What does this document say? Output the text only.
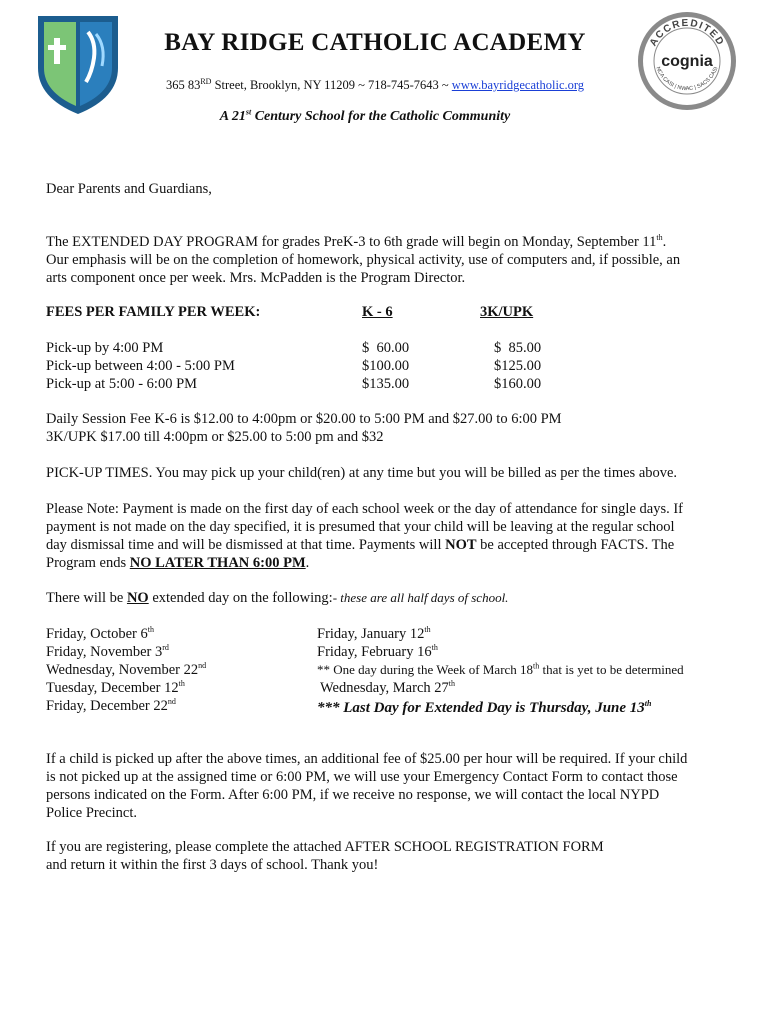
ACCREDITED
cognia
NCA CASI | NWAC | SACS CASI
BAY RIDGE CATHOLIC ACADEMY
365 83RD Street, Brooklyn, NY 11209 ~ 718-745-7643 ~ www.bayridgecatholic.org
A 21st Century School for the Catholic Community
Dear Parents and Guardians,
The EXTENDED DAY PROGRAM for grades PreK-3 to 6th grade will begin on Monday, September 11th.
Our emphasis will be on the completion of homework, physical activity, use of computers and, if possible, an
arts component once per week. Mrs. McPadden is the Program Director.
FEES PER FAMILY PER WEEK:	K - 6	3K/UPK
Pick-up by 4:00 PM	$  60.00	$  85.00
Pick-up between 4:00 - 5:00 PM	$100.00	$125.00
Pick-up at 5:00 - 6:00 PM	$135.00	$160.00
Daily Session Fee K-6 is $12.00 to 4:00pm or $20.00 to 5:00 PM and $27.00 to 6:00 PM
3K/UPK $17.00 till 4:00pm or $25.00 to 5:00 pm and $32
PICK-UP TIMES. You may pick up your child(ren) at any time but you will be billed as per the times above.
Please Note: Payment is made on the first day of each school week or the day of attendance for single days. If
payment is not made on the day specified, it is presumed that your child will be leaving at the regular school
day dismissal time and will be dismissed at that time. Payments will NOT be accepted through FACTS. The
Program ends NO LATER THAN 6:00 PM.
There will be NO extended day on the following:- these are all half days of school.
Friday, October 6th
Friday, November 3rd
Wednesday, November 22nd
Tuesday, December 12th
Friday, December 22nd
Friday, January 12th
Friday, February 16th
** One day during the Week of March 18th that is yet to be determined
Wednesday, March 27th
*** Last Day for Extended Day is Thursday, June 13th
If a child is picked up after the above times, an additional fee of $25.00 per hour will be required. If your child
is not picked up at the assigned time or 6:00 PM, we will use your Emergency Contact Form to contact those
persons indicated on the Form. After 6:00 PM, if we receive no response, we will contact the local NYPD
Police Precinct.
If you are registering, please complete the attached AFTER SCHOOL REGISTRATION FORM
and return it within the first 3 days of school. Thank you!
